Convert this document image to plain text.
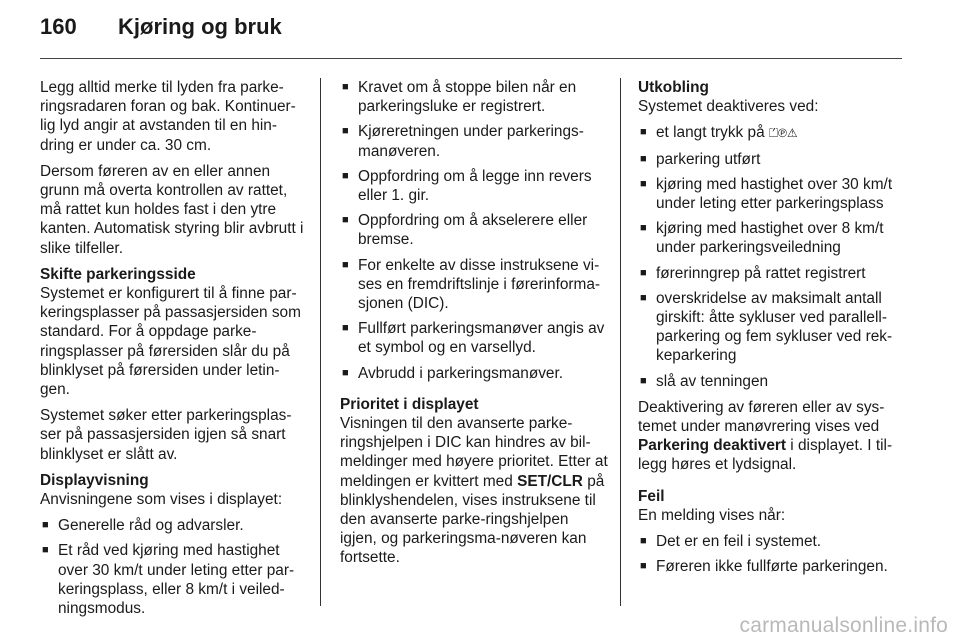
160	Kjøring og bruk

Legg alltid merke til lyden fra parke-ringsradaren foran og bak. Kontinuer-lig lyd angir at avstanden til en hin-dring er under ca. 30 cm.

Dersom føreren av en eller annen grunn må overta kontrollen av rattet, må rattet kun holdes fast i den ytre kanten. Automatisk styring blir avbrutt i slike tilfeller.

Skifte parkeringsside

Systemet er konfigurert til å finne par-keringsplasser på passasjersiden som standard. For å oppdage parke-ringsplasser på førersiden slår du på blinklyset på førersiden under letin-gen.

Systemet søker etter parkeringsplas-ser på passasjersiden igjen så snart blinklyset er slått av.

Displayvisning

Anvisningene som vises i displayet:

■ Generelle råd og advarsler.
■ Et råd ved kjøring med hastighet over 30 km/t under leting etter par-keringsplass, eller 8 km/t i veiled-ningsmodus.
■ Kravet om å stoppe bilen når en parkeringsluke er registrert.
■ Kjøreretningen under parkerings-manøveren.
■ Oppfordring om å legge inn revers eller 1. gir.
■ Oppfordring om å akselerere eller bremse.
■ For enkelte av disse instruksene vi-ses en fremdriftslinje i førerinforma-sjonen (DIC).
■ Fullført parkeringsmanøver angis av et symbol og en varsellyd.
■ Avbrudd i parkeringsmanøver.

Prioritet i displayet

Visningen til den avanserte parke-ringshjelpen i DIC kan hindres av bil-meldinger med høyere prioritet. Etter at meldingen er kvittert med SET/CLR på blinklyshendelen, vises instruksene til den avanserte parke-ringshjelpen igjen, og parkeringsma-nøveren kan fortsette.

Utkobling

Systemet deaktiveres ved:

■ et langt trykk på ⏍℗⚠
■ parkering utført
■ kjøring med hastighet over 30 km/t under leting etter parkeringsplass
■ kjøring med hastighet over 8 km/t under parkeringsveiledning
■ førerinngrep på rattet registrert
■ overskridelse av maksimalt antall girskift: åtte sykluser ved parallell-parkering og fem sykluser ved rek-keparkering
■ slå av tenningen

Deaktivering av føreren eller av sys-temet under manøvrering vises ved Parkering deaktivert i displayet. I til-legg høres et lydsignal.

Feil

En melding vises når:

■ Det er en feil i systemet.
■ Føreren ikke fullførte parkeringen.
carmanualsonline.info
